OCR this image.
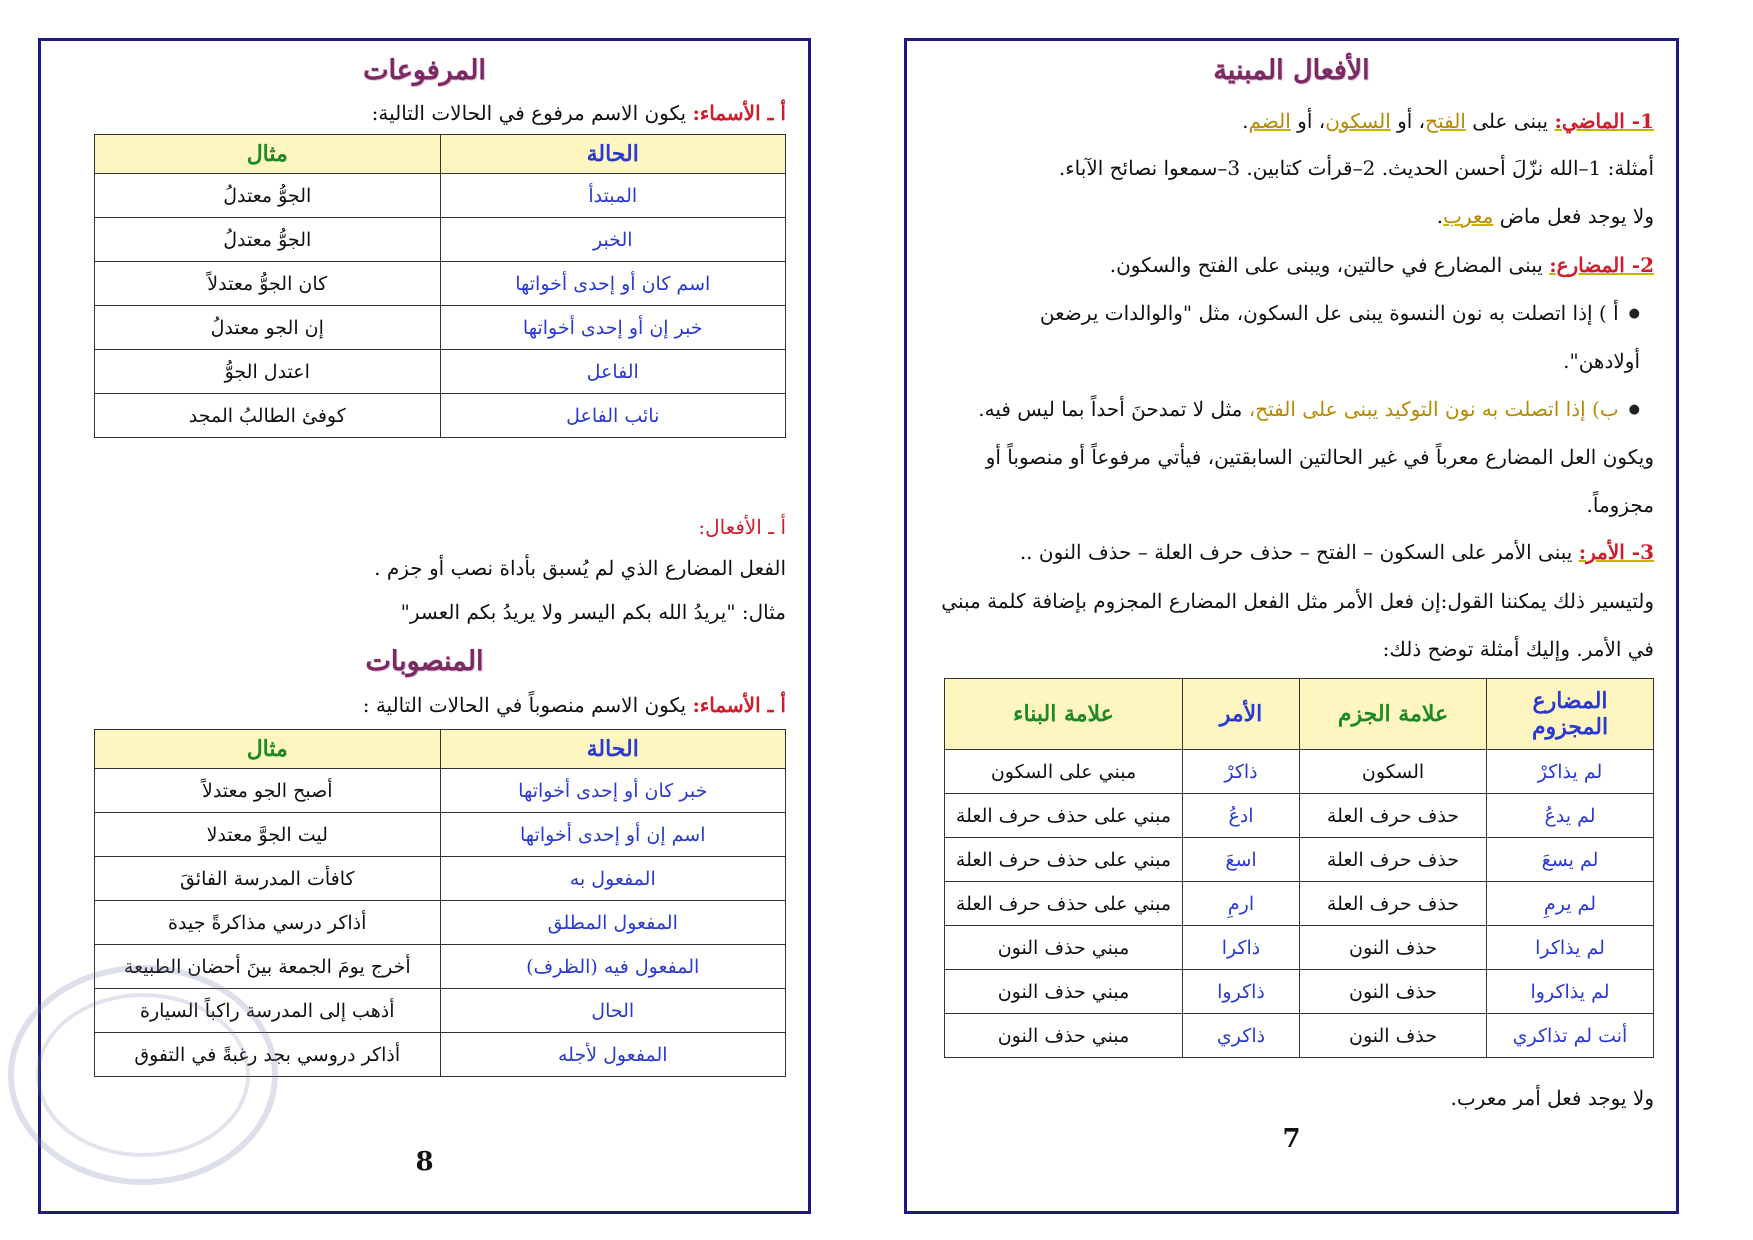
المرفوعات
أ ـ الأسماء: يكون الاسم مرفوع في الحالات التالية:
الحالة	مثال
المبتدأ	الجوُّ معتدلُ
الخبر	الجوُّ معتدلُ
اسم كان أو إحدى أخواتها	كان الجوُّ معتدلاً
خبر إن أو إحدى أخواتها	إن الجو معتدلُ
الفاعل	اعتدل الجوُّ
نائب الفاعل	كوفئ الطالبُ المجد
أ ـ الأفعال:
الفعل المضارع الذي لم يُسبق بأداة نصب أو جزم .
مثال: "يريدُ الله بكم اليسر ولا يريدُ بكم العسر"
المنصوبات
أ ـ الأسماء: يكون الاسم منصوباً في الحالات التالية :
الحالة	مثال
خبر كان أو إحدى أخواتها	أصبح الجو معتدلاً
اسم إن أو إحدى أخواتها	ليت الجوَّ معتدلا
المفعول به	كافأت المدرسة الفائقَ
المفعول المطلق	أذاكر درسي مذاكرةً جيدة
المفعول فيه (الظرف)	أخرج يومَ الجمعة بينَ أحضان الطبيعة
الحال	أذهب إلى المدرسة راكباً السيارة
المفعول لأجله	أذاكر دروسي بجد رغبةً في التفوق
8
الأفعال المبنية
1- الماضي: يبنى على الفتح، أو السكون، أو الضم.
أمثلة: 1–الله نزّلَ أحسن الحديث. 2–قرأت كتابين. 3–سمعوا نصائح الآباء.
ولا يوجد فعل ماض معرب.
2- المضارع: يبنى المضارع في حالتين، ويبنى على الفتح والسكون.
● أ ) إذا اتصلت به نون النسوة يبنى عل السكون، مثل "والوالدات يرضعن
أولادهن".
● ب) إذا اتصلت به نون التوكيد يبنى على الفتح، مثل لا تمدحنَ أحداً بما ليس فيه.
ويكون العل المضارع معرباً في غير الحالتين السابقتين، فيأتي مرفوعاً أو منصوباً أو
مجزوماً.
3- الأمر: يبنى الأمر على السكون – الفتح – حذف حرف العلة – حذف النون ..
ولتيسير ذلك يمكننا القول:إن فعل الأمر مثل الفعل المضارع المجزوم بإضافة كلمة مبني
في الأمر. وإليك أمثلة توضح ذلك:
المضارع المجزوم	علامة الجزم	الأمر	علامة البناء
لم يذاكرْ	السكون	ذاكرْ	مبني على السكون
لم يدعُ	حذف حرف العلة	ادعُ	مبني على حذف حرف العلة
لم يسعَ	حذف حرف العلة	اسعَ	مبني على حذف حرف العلة
لم يرمِ	حذف حرف العلة	ارمِ	مبني على حذف حرف العلة
لم يذاكرا	حذف النون	ذاكرا	مبني حذف النون
لم يذاكروا	حذف النون	ذاكروا	مبني حذف النون
أنت لم تذاكري	حذف النون	ذاكري	مبني حذف النون
ولا يوجد فعل أمر معرب.
7
